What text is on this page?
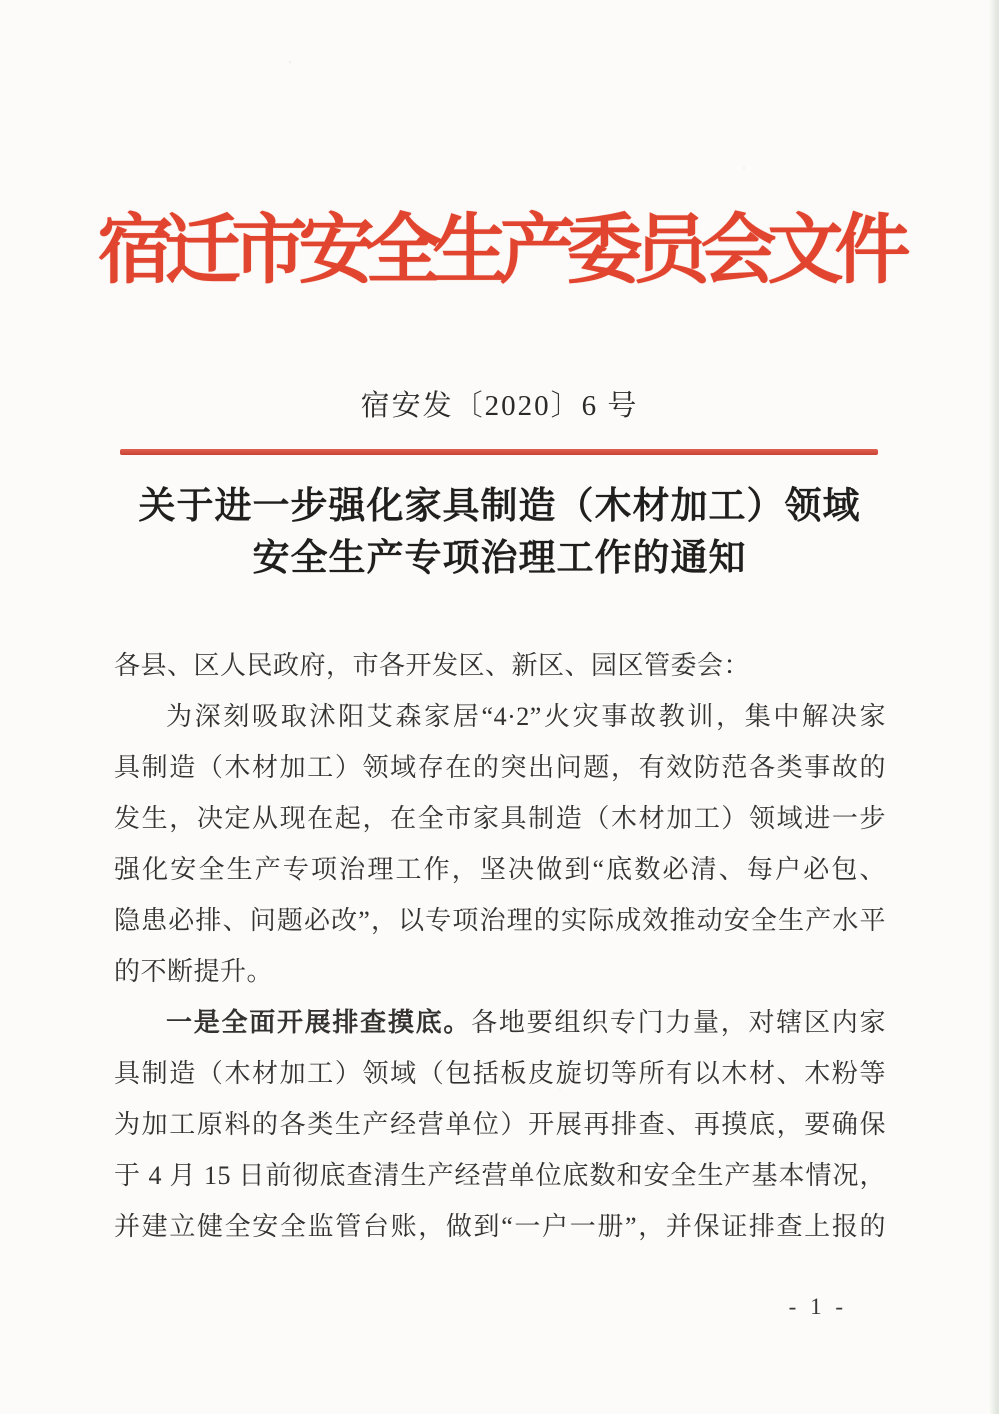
宿迁市安全生产委员会文件
宿安发〔2020〕6 号
关于进一步强化家具制造（木材加工）领域
安全生产专项治理工作的通知
各县、区人民政府，市各开发区、新区、园区管委会：
为深刻吸取沭阳艾森家居“4·2”火灾事故教训，集中解决家
具制造（木材加工）领域存在的突出问题，有效防范各类事故的
发生，决定从现在起，在全市家具制造（木材加工）领域进一步
强化安全生产专项治理工作，坚决做到“底数必清、每户必包、
隐患必排、问题必改”，以专项治理的实际成效推动安全生产水平
的不断提升。
一是全面开展排查摸底。各地要组织专门力量，对辖区内家
具制造（木材加工）领域（包括板皮旋切等所有以木材、木粉等
为加工原料的各类生产经营单位）开展再排查、再摸底，要确保
于 4 月 15 日前彻底查清生产经营单位底数和安全生产基本情况，
并建立健全安全监管台账，做到“一户一册”，并保证排查上报的
- 1 -
